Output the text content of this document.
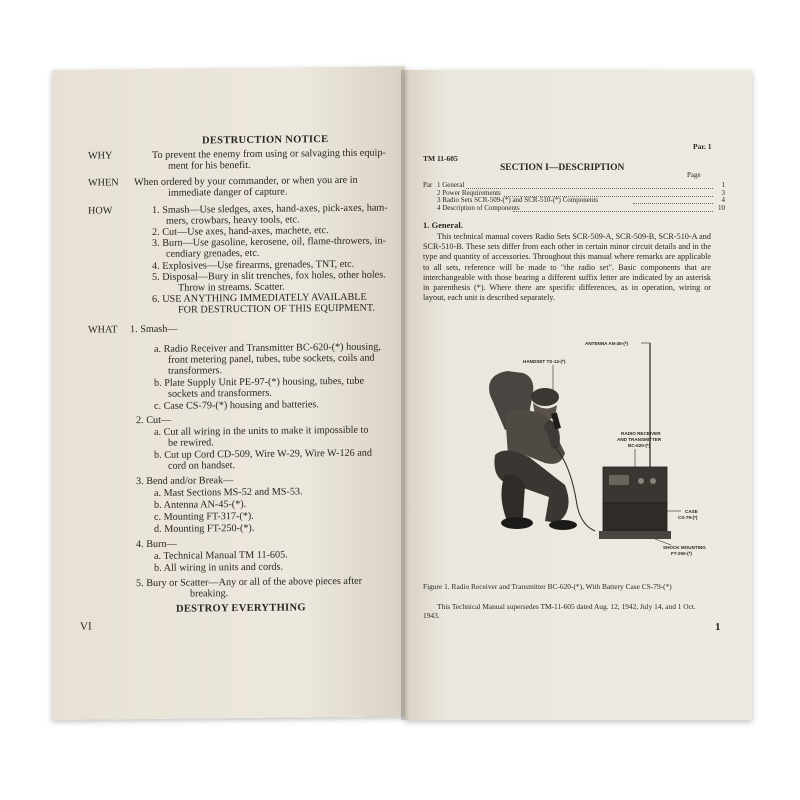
DESTRUCTION NOTICE
WHY	To prevent the enemy from using or salvaging this equip-
ment for his benefit.
WHEN When ordered by your commander, or when you are in
immediate danger of capture.
HOW	1. Smash—Use sledges, axes, hand-axes, pick-axes, ham-
mers, crowbars, heavy tools, etc.
2. Cut—Use axes, hand-axes, machete, etc.
3. Burn—Use gasoline, kerosene, oil, flame-throwers, in-
cendiary grenades, etc.
4. Explosives—Use firearms, grenades, TNT, etc.
5. Disposal—Bury in slit trenches, fox holes, other holes.
Throw in streams. Scatter.
6. USE ANYTHING IMMEDIATELY AVAILABLE
FOR DESTRUCTION OF THIS EQUIPMENT.
WHAT 1. Smash—
a. Radio Receiver and Transmitter BC-620-(*) housing,
front metering panel, tubes, tube sockets, coils and
transformers.
b. Plate Supply Unit PE-97-(*) housing, tubes, tube
sockets and transformers.
c. Case CS-79-(*) housing and batteries.
2. Cut—
a. Cut all wiring in the units to make it impossible to
be rewired.
b. Cut up Cord CD-509, Wire W-29, Wire W-126 and
cord on handset.
3. Bend and/or Break—
a. Mast Sections MS-52 and MS-53.
b. Antenna AN-45-(*).
c. Mounting FT-317-(*).
d. Mounting FT-250-(*).
4. Burn—
a. Technical Manual TM 11-605.
b. All wiring in units and cords.
5. Bury or Scatter—Any or all of the above pieces after
breaking.
DESTROY EVERYTHING
VI
Par. 1
TM 11-605
SECTION I—DESCRIPTION
Page
Par 1 General	1
2 Power Requirements	3
3 Radio Sets SCR-509-(*) and SCR-510-(*) Components	4
4 Description of Components	10
1. General.
This technical manual covers Radio Sets SCR-509-A, SCR-509-B, SCR-510-A and SCR-510-B. These sets differ from each other in certain minor circuit details and in the type and quantity of accessories. Throughout this manual where remarks are applicable to all sets, reference will be made to "the radio set". Basic components that are interchangeable with those bearing a different suffix letter are indicated by an asterisk in parenthesis (*). Where there are specific differences, as in operation, wiring or layout, each unit is described separately.
ANTENNA AN-45-(*)
HANDSET TS-13-(*)
RADIO RECEIVER
AND TRANSMITTER
BC-620-(*)
CASE
CS-79-(*)
SHOCK MOUNTING
FT-250-(*)
Figure 1. Radio Receiver and Transmitter BC-620-(*), With Battery Case CS-79-(*)
This Technical Manual supersedes TM-11-605 dated Aug. 12, 1942, July 14, and 1 Oct. 1943.
1
